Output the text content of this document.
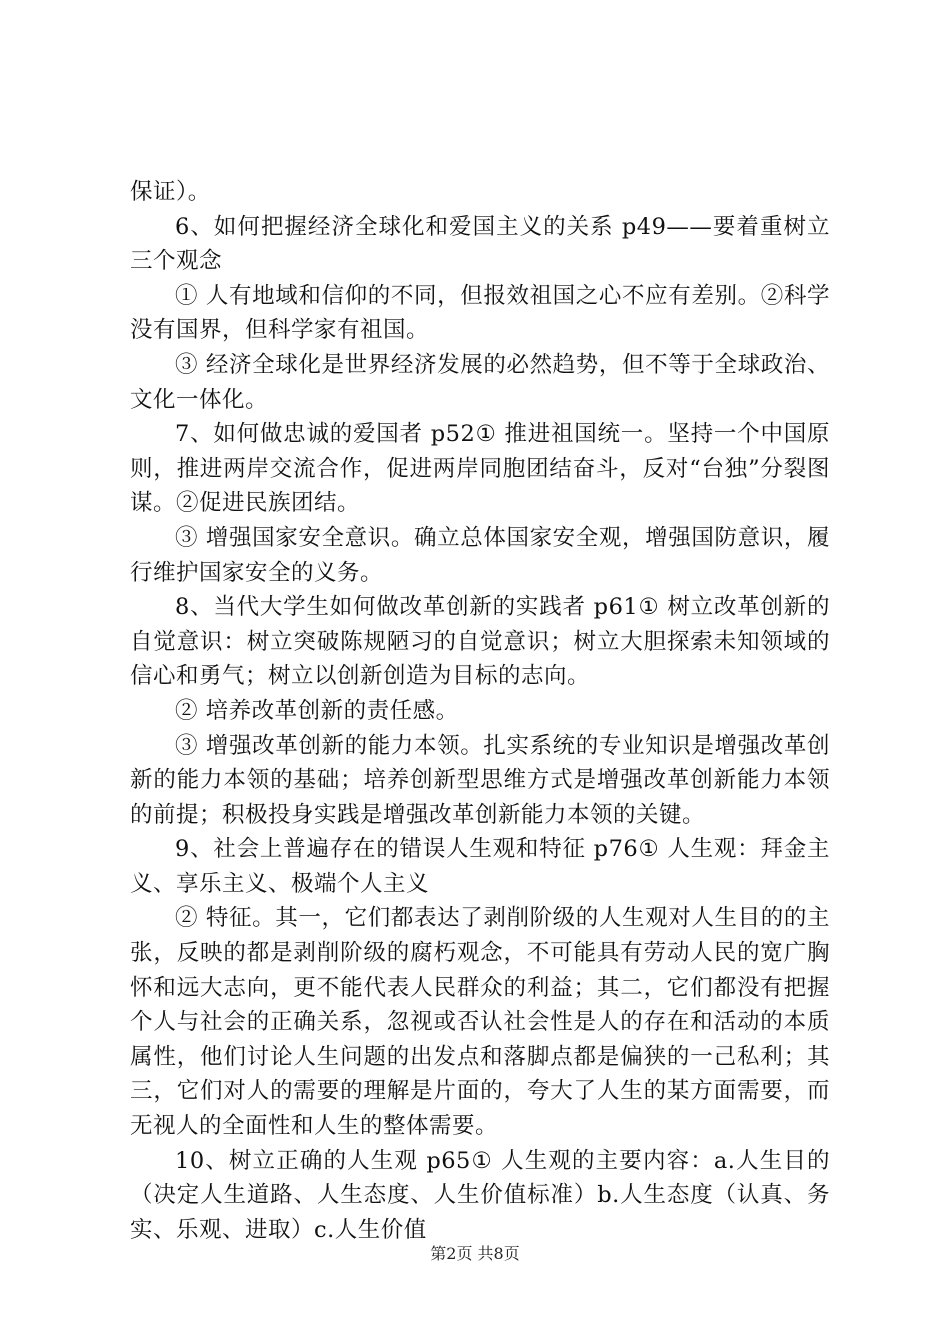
保证）。

6、如何把握经济全球化和爱国主义的关系 p49——要着重树立三个观念

① 人有地域和信仰的不同，但报效祖国之心不应有差别。②科学没有国界，但科学家有祖国。

③ 经济全球化是世界经济发展的必然趋势，但不等于全球政治、文化一体化。

7、如何做忠诚的爱国者 p52① 推进祖国统一。坚持一个中国原则，推进两岸交流合作，促进两岸同胞团结奋斗，反对“台独”分裂图谋。②促进民族团结。

③ 增强国家安全意识。确立总体国家安全观，增强国防意识，履行维护国家安全的义务。

8、当代大学生如何做改革创新的实践者 p61① 树立改革创新的自觉意识：树立突破陈规陋习的自觉意识；树立大胆探索未知领域的信心和勇气；树立以创新创造为目标的志向。

② 培养改革创新的责任感。

③ 增强改革创新的能力本领。扎实系统的专业知识是增强改革创新的能力本领的基础；培养创新型思维方式是增强改革创新能力本领的前提；积极投身实践是增强改革创新能力本领的关键。

9、社会上普遍存在的错误人生观和特征 p76① 人生观：拜金主义、享乐主义、极端个人主义

② 特征。其一，它们都表达了剥削阶级的人生观对人生目的的主张，反映的都是剥削阶级的腐朽观念，不可能具有劳动人民的宽广胸怀和远大志向，更不能代表人民群众的利益；其二，它们都没有把握个人与社会的正确关系，忽视或否认社会性是人的存在和活动的本质属性，他们讨论人生问题的出发点和落脚点都是偏狭的一己私利；其三，它们对人的需要的理解是片面的，夸大了人生的某方面需要，而无视人的全面性和人生的整体需要。

10、树立正确的人生观 p65① 人生观的主要内容：a.人生目的（决定人生道路、人生态度、人生价值标准）b.人生态度（认真、务实、乐观、进取）c.人生价值

第2页 共8页
